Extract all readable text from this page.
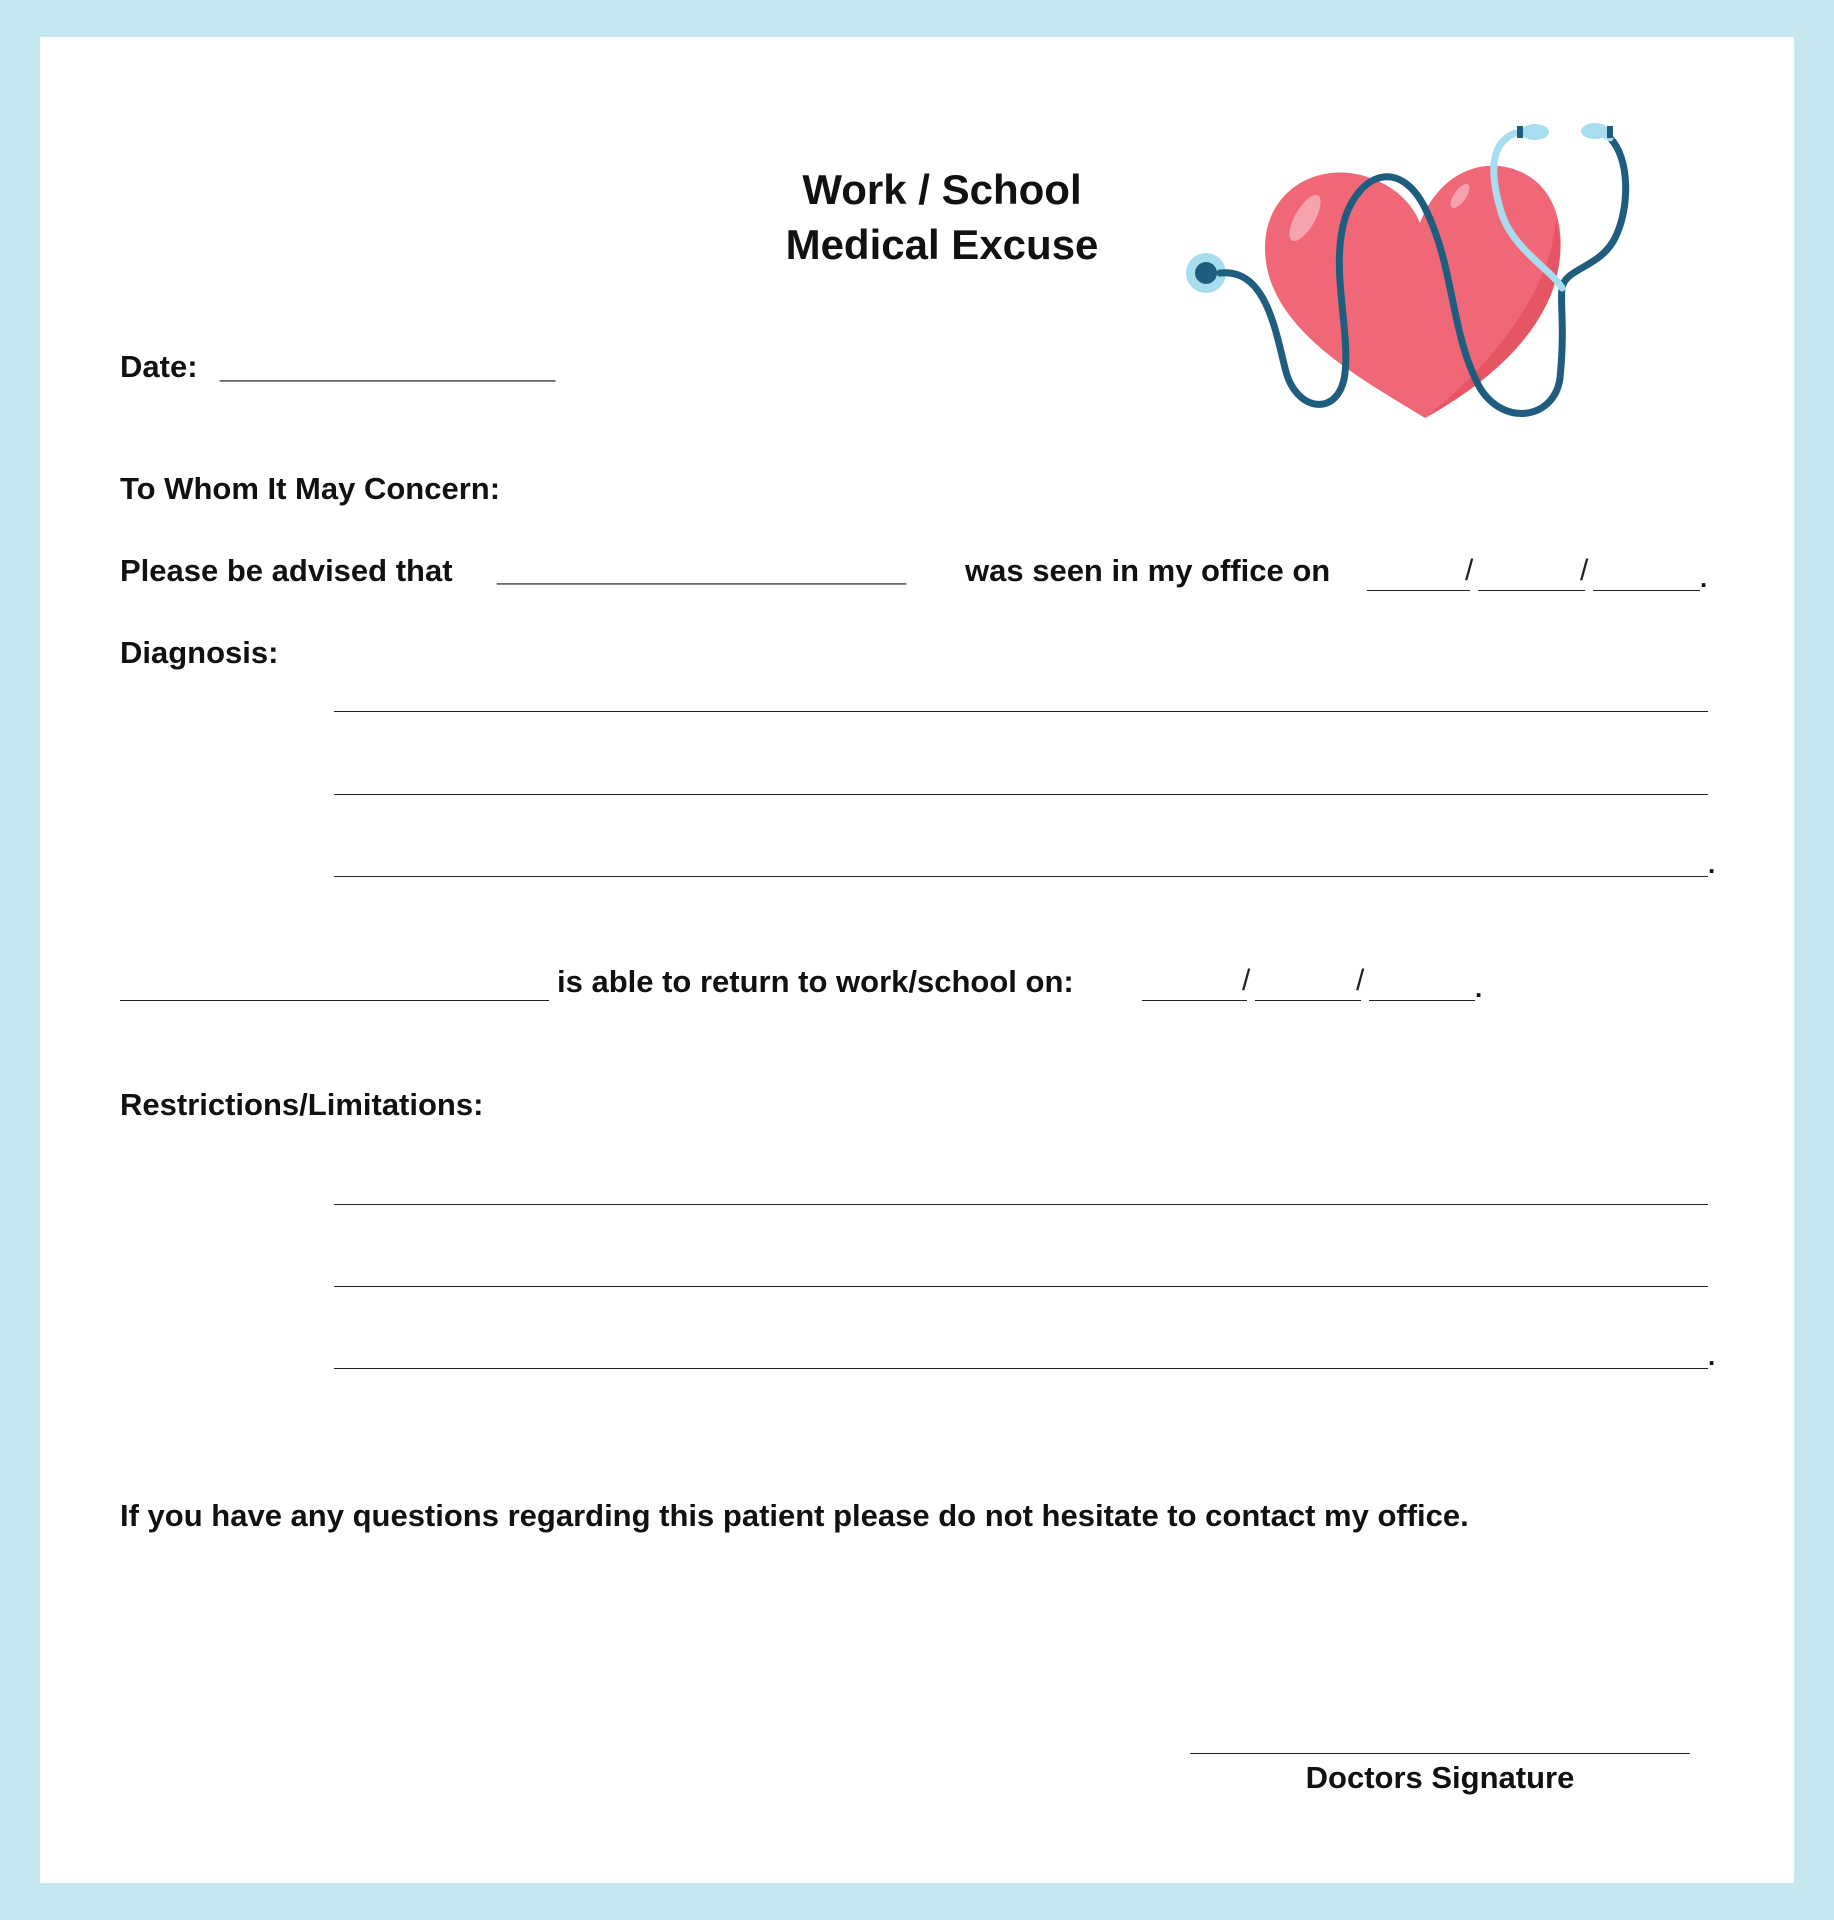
Work / School
Medical Excuse
Date: ____________________
To Whom It May Concern:
Please be advised that ________________________ was seen in my office on	/	/	.
Diagnosis:
.
is able to return to work/school on:	/	/	.
Restrictions/Limitations:
.
If you have any questions regarding this patient please do not hesitate to contact my office.
Doctors Signature
